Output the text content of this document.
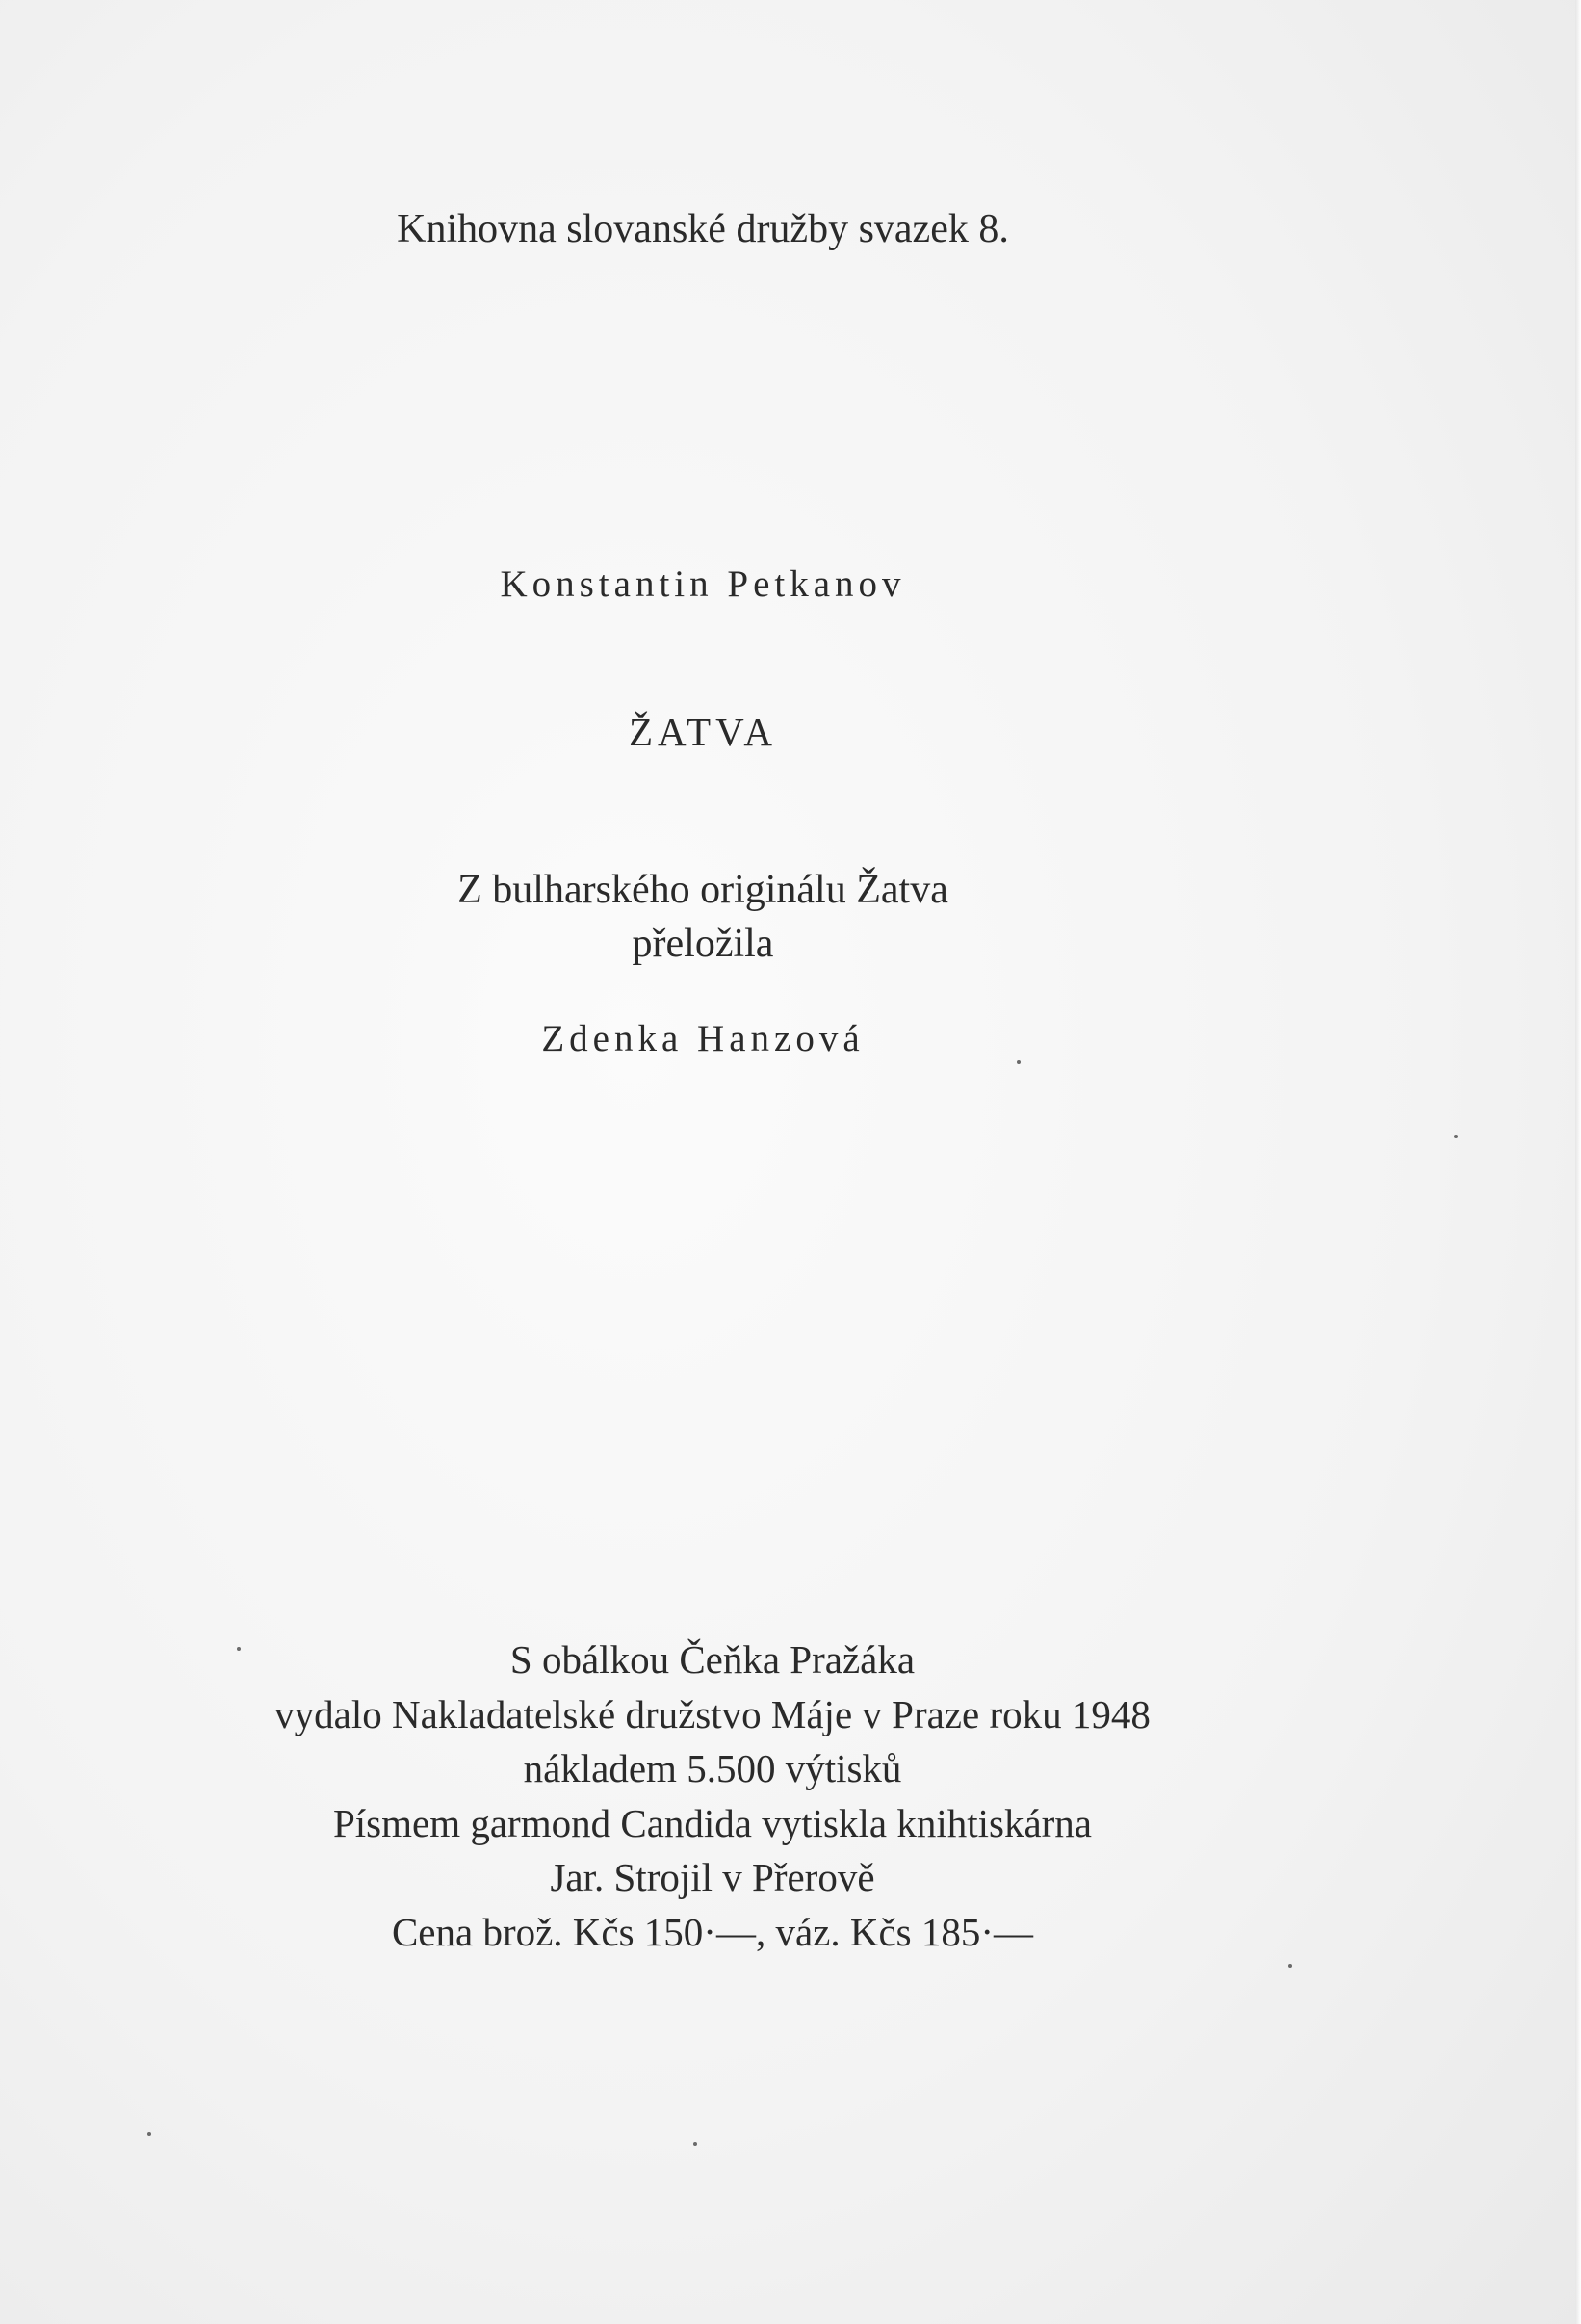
Knihovna slovanské družby svazek 8.
Konstantin Petkanov
ŽATVA
Z bulharského originálu Žatva
přeložila
Zdenka Hanzová
S obálkou Čeňka Pražáka
vydalo Nakladatelské družstvo Máje v Praze roku 1948
nákladem 5.500 výtisků
Písmem garmond Candida vytiskla knihtiskárna
Jar. Strojil v Přerově
Cena brož. Kčs 150·—, váz. Kčs 185·—
